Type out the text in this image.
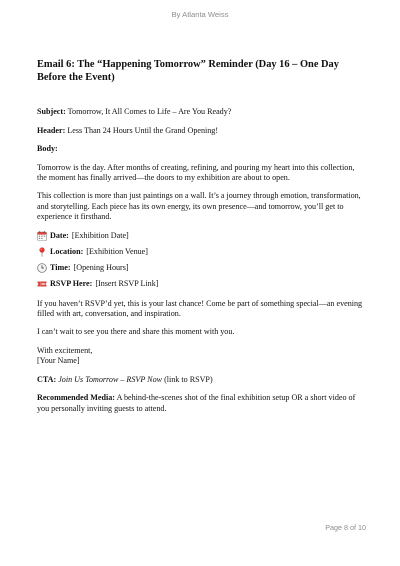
By Atlanta Weiss
Email 6: The “Happening Tomorrow” Reminder (Day 16 – One Day Before the Event)

Subject: Tomorrow, It All Comes to Life – Are You Ready?

Header: Less Than 24 Hours Until the Grand Opening!

Body:

Tomorrow is the day. After months of creating, refining, and pouring my heart into this collection, the moment has finally arrived—the doors to my exhibition are about to open.

This collection is more than just paintings on a wall. It’s a journey through emotion, transformation, and storytelling. Each piece has its own energy, its own presence—and tomorrow, you’ll get to experience it firsthand.

Date: [Exhibition Date]
Location: [Exhibition Venue]
Time: [Opening Hours]
RSVP Here: [Insert RSVP Link]

If you haven’t RSVP’d yet, this is your last chance! Come be part of something special—an evening filled with art, conversation, and inspiration.

I can’t wait to see you there and share this moment with you.

With excitement,
[Your Name]

CTA: Join Us Tomorrow – RSVP Now (link to RSVP)

Recommended Media: A behind-the-scenes shot of the final exhibition setup OR a short video of you personally inviting guests to attend.

Page 8 of 10
